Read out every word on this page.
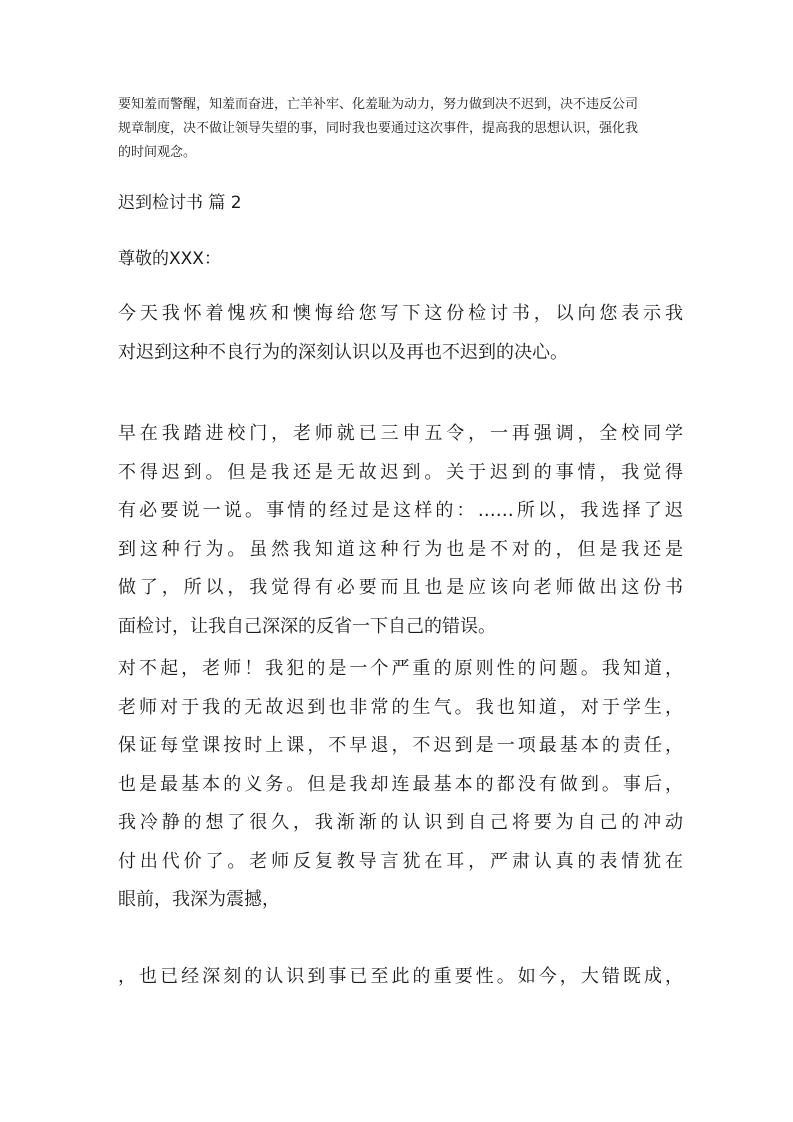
要知羞而警醒，知羞而奋进，亡羊补牢、化羞耻为动力，努力做到决不迟到，决不违反公司
规章制度，决不做让领导失望的事，同时我也要通过这次事件，提高我的思想认识，强化我
的时间观念。
迟到检讨书 篇 2
尊敬的XXX：
今天我怀着愧疚和懊悔给您写下这份检讨书，以向您表示我
对迟到这种不良行为的深刻认识以及再也不迟到的决心。
早在我踏进校门，老师就已三申五令，一再强调，全校同学
不得迟到。但是我还是无故迟到。关于迟到的事情，我觉得
有必要说一说。事情的经过是这样的：……所以，我选择了迟
到这种行为。虽然我知道这种行为也是不对的，但是我还是
做了，所以，我觉得有必要而且也是应该向老师做出这份书
面检讨，让我自己深深的反省一下自己的错误。
对不起，老师！我犯的是一个严重的原则性的问题。我知道，
老师对于我的无故迟到也非常的生气。我也知道，对于学生，
保证每堂课按时上课，不早退，不迟到是一项最基本的责任，
也是最基本的义务。但是我却连最基本的都没有做到。事后，
我冷静的想了很久，我渐渐的认识到自己将要为自己的冲动
付出代价了。老师反复教导言犹在耳，严肃认真的表情犹在
眼前，我深为震撼，
，也已经深刻的认识到事已至此的重要性。如今，大错既成，
